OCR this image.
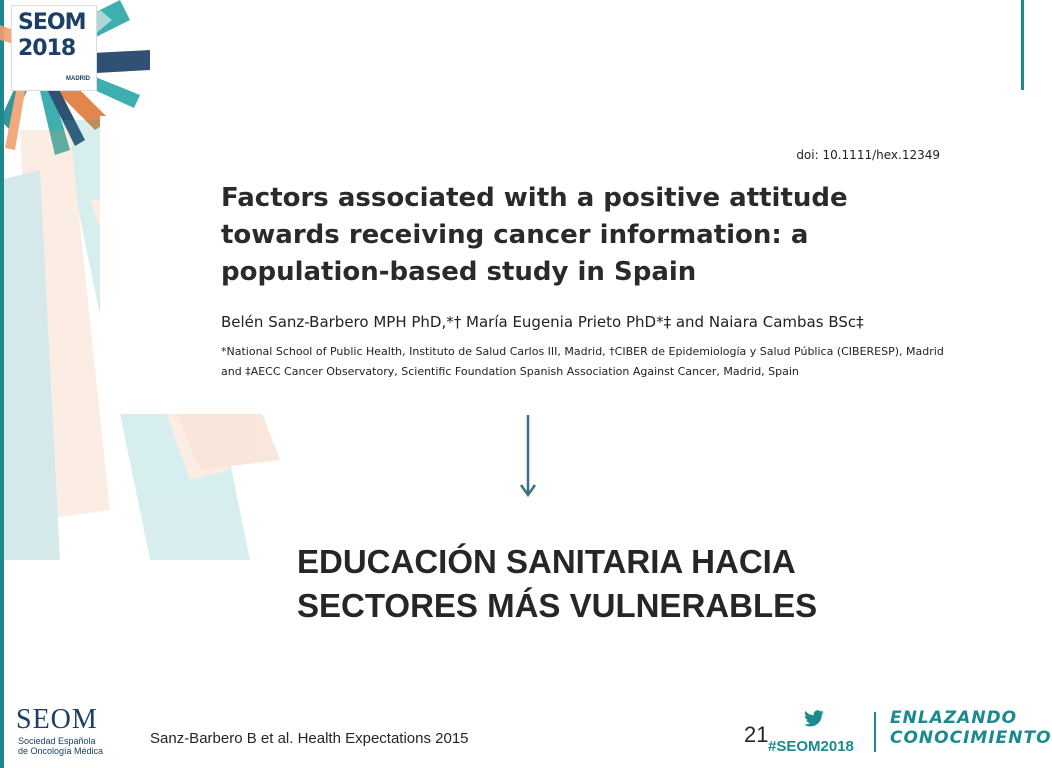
SEOM
2018
MADRID
doi: 10.1111/hex.12349
Factors associated with a positive attitude towards receiving cancer information: a population-based study in Spain
Belén Sanz-Barbero MPH PhD,*† María Eugenia Prieto PhD*‡ and Naiara Cambas BSc‡
*National School of Public Health, Instituto de Salud Carlos III, Madrid, †CIBER de Epidemiología y Salud Pública (CIBERESP), Madrid and ‡AECC Cancer Observatory, Scientific Foundation Spanish Association Against Cancer, Madrid, Spain
EDUCACIÓN SANITARIA HACIA
SECTORES MÁS VULNERABLES
SEOM
Sociedad Española
de Oncología Médica
Sanz-Barbero B et al. Health Expectations 2015	21 #SEOM2018
ENLAZANDO
CONOCIMIENTO
